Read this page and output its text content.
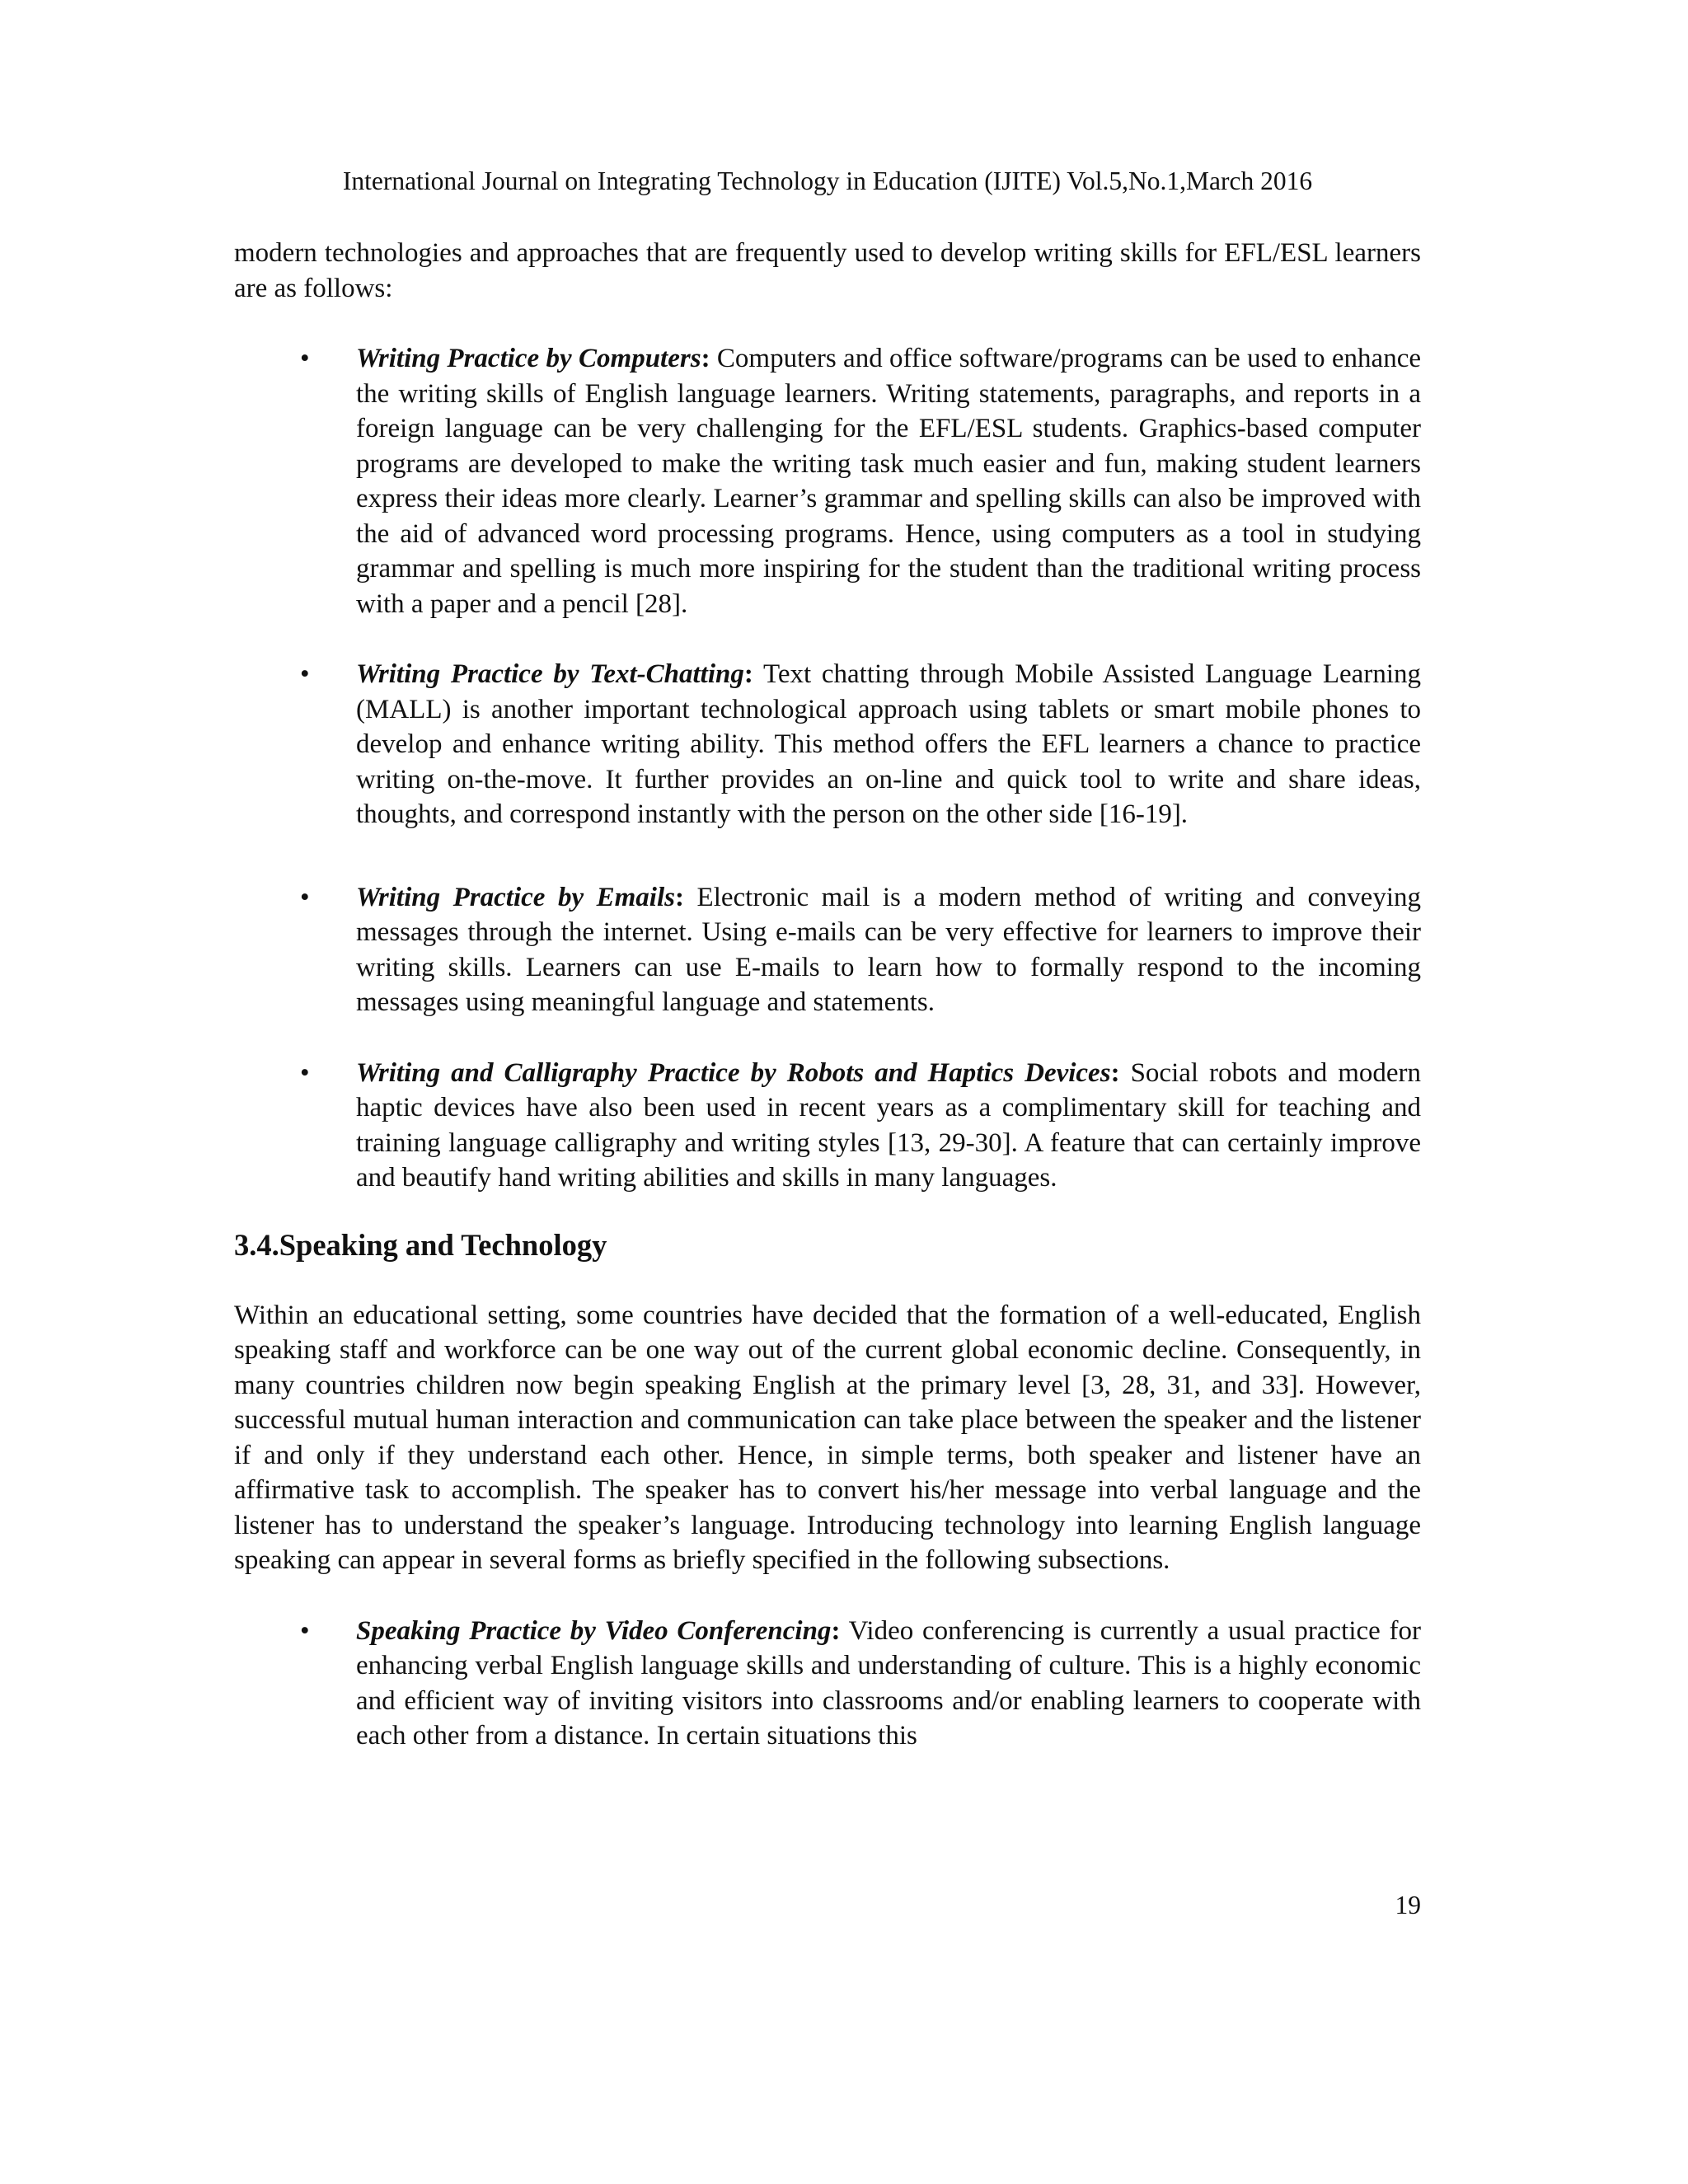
International Journal on Integrating Technology in Education (IJITE) Vol.5,No.1,March 2016

modern technologies and approaches that are frequently used to develop writing skills for EFL/ESL learners are as follows:

• Writing Practice by Computers: Computers and office software/programs can be used to enhance the writing skills of English language learners. Writing statements, paragraphs, and reports in a foreign language can be very challenging for the EFL/ESL students. Graphics-based computer programs are developed to make the writing task much easier and fun, making student learners express their ideas more clearly. Learner’s grammar and spelling skills can also be improved with the aid of advanced word processing programs. Hence, using computers as a tool in studying grammar and spelling is much more inspiring for the student than the traditional writing process with a paper and a pencil [28].
• Writing Practice by Text-Chatting: Text chatting through Mobile Assisted Language Learning (MALL) is another important technological approach using tablets or smart mobile phones to develop and enhance writing ability. This method offers the EFL learners a chance to practice writing on-the-move. It further provides an on-line and quick tool to write and share ideas, thoughts, and correspond instantly with the person on the other side [16-19].
• Writing Practice by Emails: Electronic mail is a modern method of writing and conveying messages through the internet. Using e-mails can be very effective for learners to improve their writing skills. Learners can use E-mails to learn how to formally respond to the incoming messages using meaningful language and statements.
• Writing and Calligraphy Practice by Robots and Haptics Devices: Social robots and modern haptic devices have also been used in recent years as a complimentary skill for teaching and training language calligraphy and writing styles [13, 29-30]. A feature that can certainly improve and beautify hand writing abilities and skills in many languages.
3.4.Speaking and Technology

Within an educational setting, some countries have decided that the formation of a well-educated, English speaking staff and workforce can be one way out of the current global economic decline. Consequently, in many countries children now begin speaking English at the primary level [3, 28, 31, and 33]. However, successful mutual human interaction and communication can take place between the speaker and the listener if and only if they understand each other. Hence, in simple terms, both speaker and listener have an affirmative task to accomplish. The speaker has to convert his/her message into verbal language and the listener has to understand the speaker’s language. Introducing technology into learning English language speaking can appear in several forms as briefly specified in the following subsections.

• Speaking Practice by Video Conferencing: Video conferencing is currently a usual practice for enhancing verbal English language skills and understanding of culture. This is a highly economic and efficient way of inviting visitors into classrooms and/or enabling learners to cooperate with each other from a distance. In certain situations this
19
